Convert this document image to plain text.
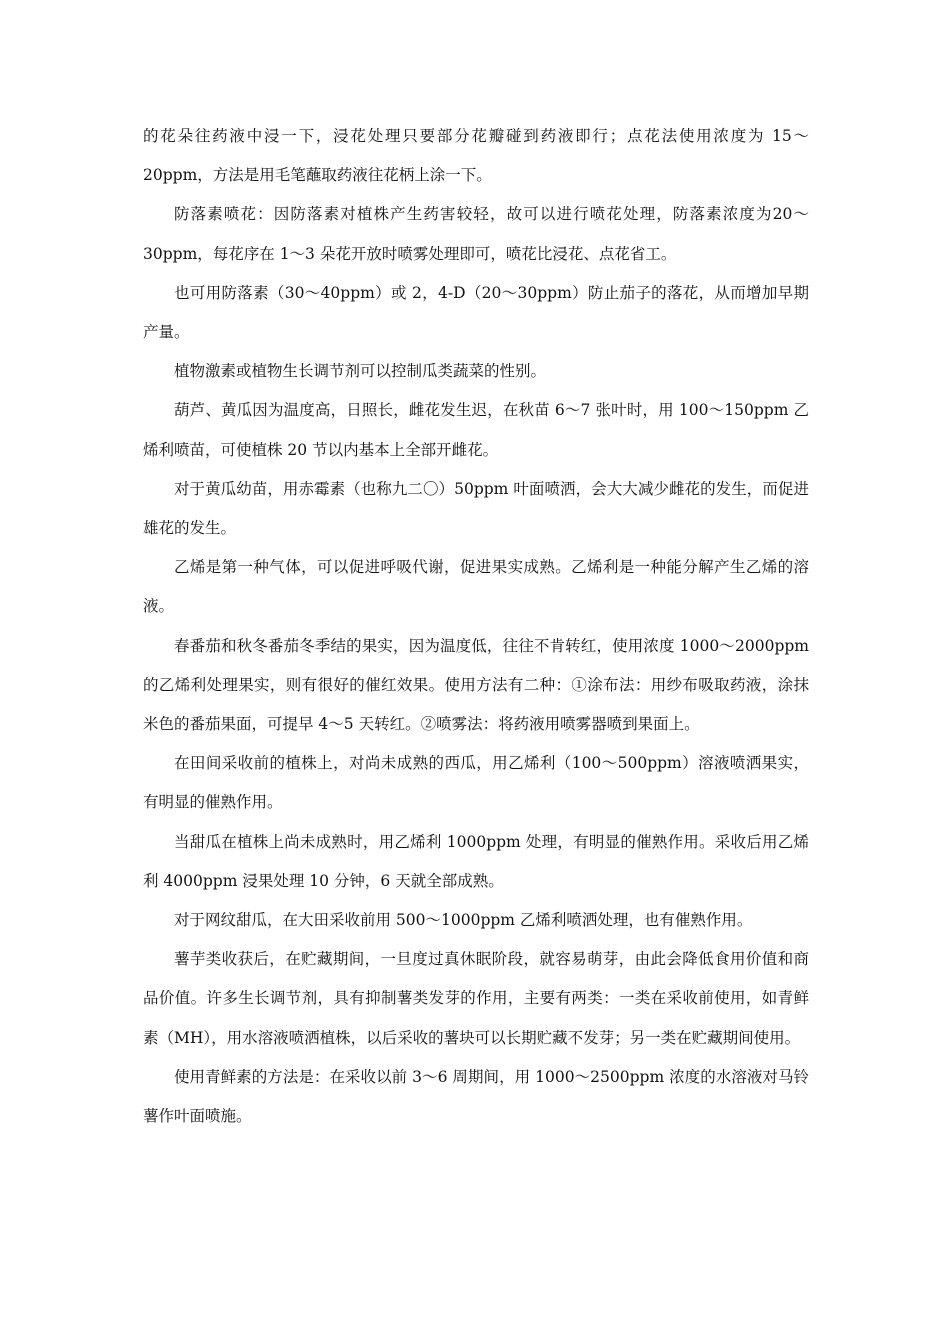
的花朵往药液中浸一下，浸花处理只要部分花瓣碰到药液即行；点花法使用浓度为 15～20ppm，方法是用毛笔蘸取药液往花柄上涂一下。

防落素喷花：因防落素对植株产生药害较轻，故可以进行喷花处理，防落素浓度为20～30ppm，每花序在 1～3 朵花开放时喷雾处理即可，喷花比浸花、点花省工。

也可用防落素（30～40ppm）或 2，4-D（20～30ppm）防止茄子的落花，从而增加早期产量。

植物激素或植物生长调节剂可以控制瓜类蔬菜的性别。

葫芦、黄瓜因为温度高，日照长，雌花发生迟，在秋苗 6～7 张叶时，用 100～150ppm 乙烯利喷苗，可使植株 20 节以内基本上全部开雌花。

对于黄瓜幼苗，用赤霉素（也称九二〇）50ppm 叶面喷洒，会大大减少雌花的发生，而促进雄花的发生。

乙烯是第一种气体，可以促进呼吸代谢，促进果实成熟。乙烯利是一种能分解产生乙烯的溶液。

春番茄和秋冬番茄冬季结的果实，因为温度低，往往不肯转红，使用浓度 1000～2000ppm 的乙烯利处理果实，则有很好的催红效果。使用方法有二种：①涂布法：用纱布吸取药液，涂抹米色的番茄果面，可提早 4～5 天转红。②喷雾法：将药液用喷雾器喷到果面上。

在田间采收前的植株上，对尚未成熟的西瓜，用乙烯利（100～500ppm）溶液喷洒果实，有明显的催熟作用。

当甜瓜在植株上尚未成熟时，用乙烯利 1000ppm 处理，有明显的催熟作用。采收后用乙烯利 4000ppm 浸果处理 10 分钟，6 天就全部成熟。

对于网纹甜瓜，在大田采收前用 500～1000ppm 乙烯利喷洒处理，也有催熟作用。

薯芋类收获后，在贮藏期间，一旦度过真休眠阶段，就容易萌芽，由此会降低食用价值和商品价值。许多生长调节剂，具有抑制薯类发芽的作用，主要有两类：一类在采收前使用，如青鲜素（MH），用水溶液喷洒植株，以后采收的薯块可以长期贮藏不发芽；另一类在贮藏期间使用。

使用青鲜素的方法是：在采收以前 3～6 周期间，用 1000～2500ppm 浓度的水溶液对马铃薯作叶面喷施。
